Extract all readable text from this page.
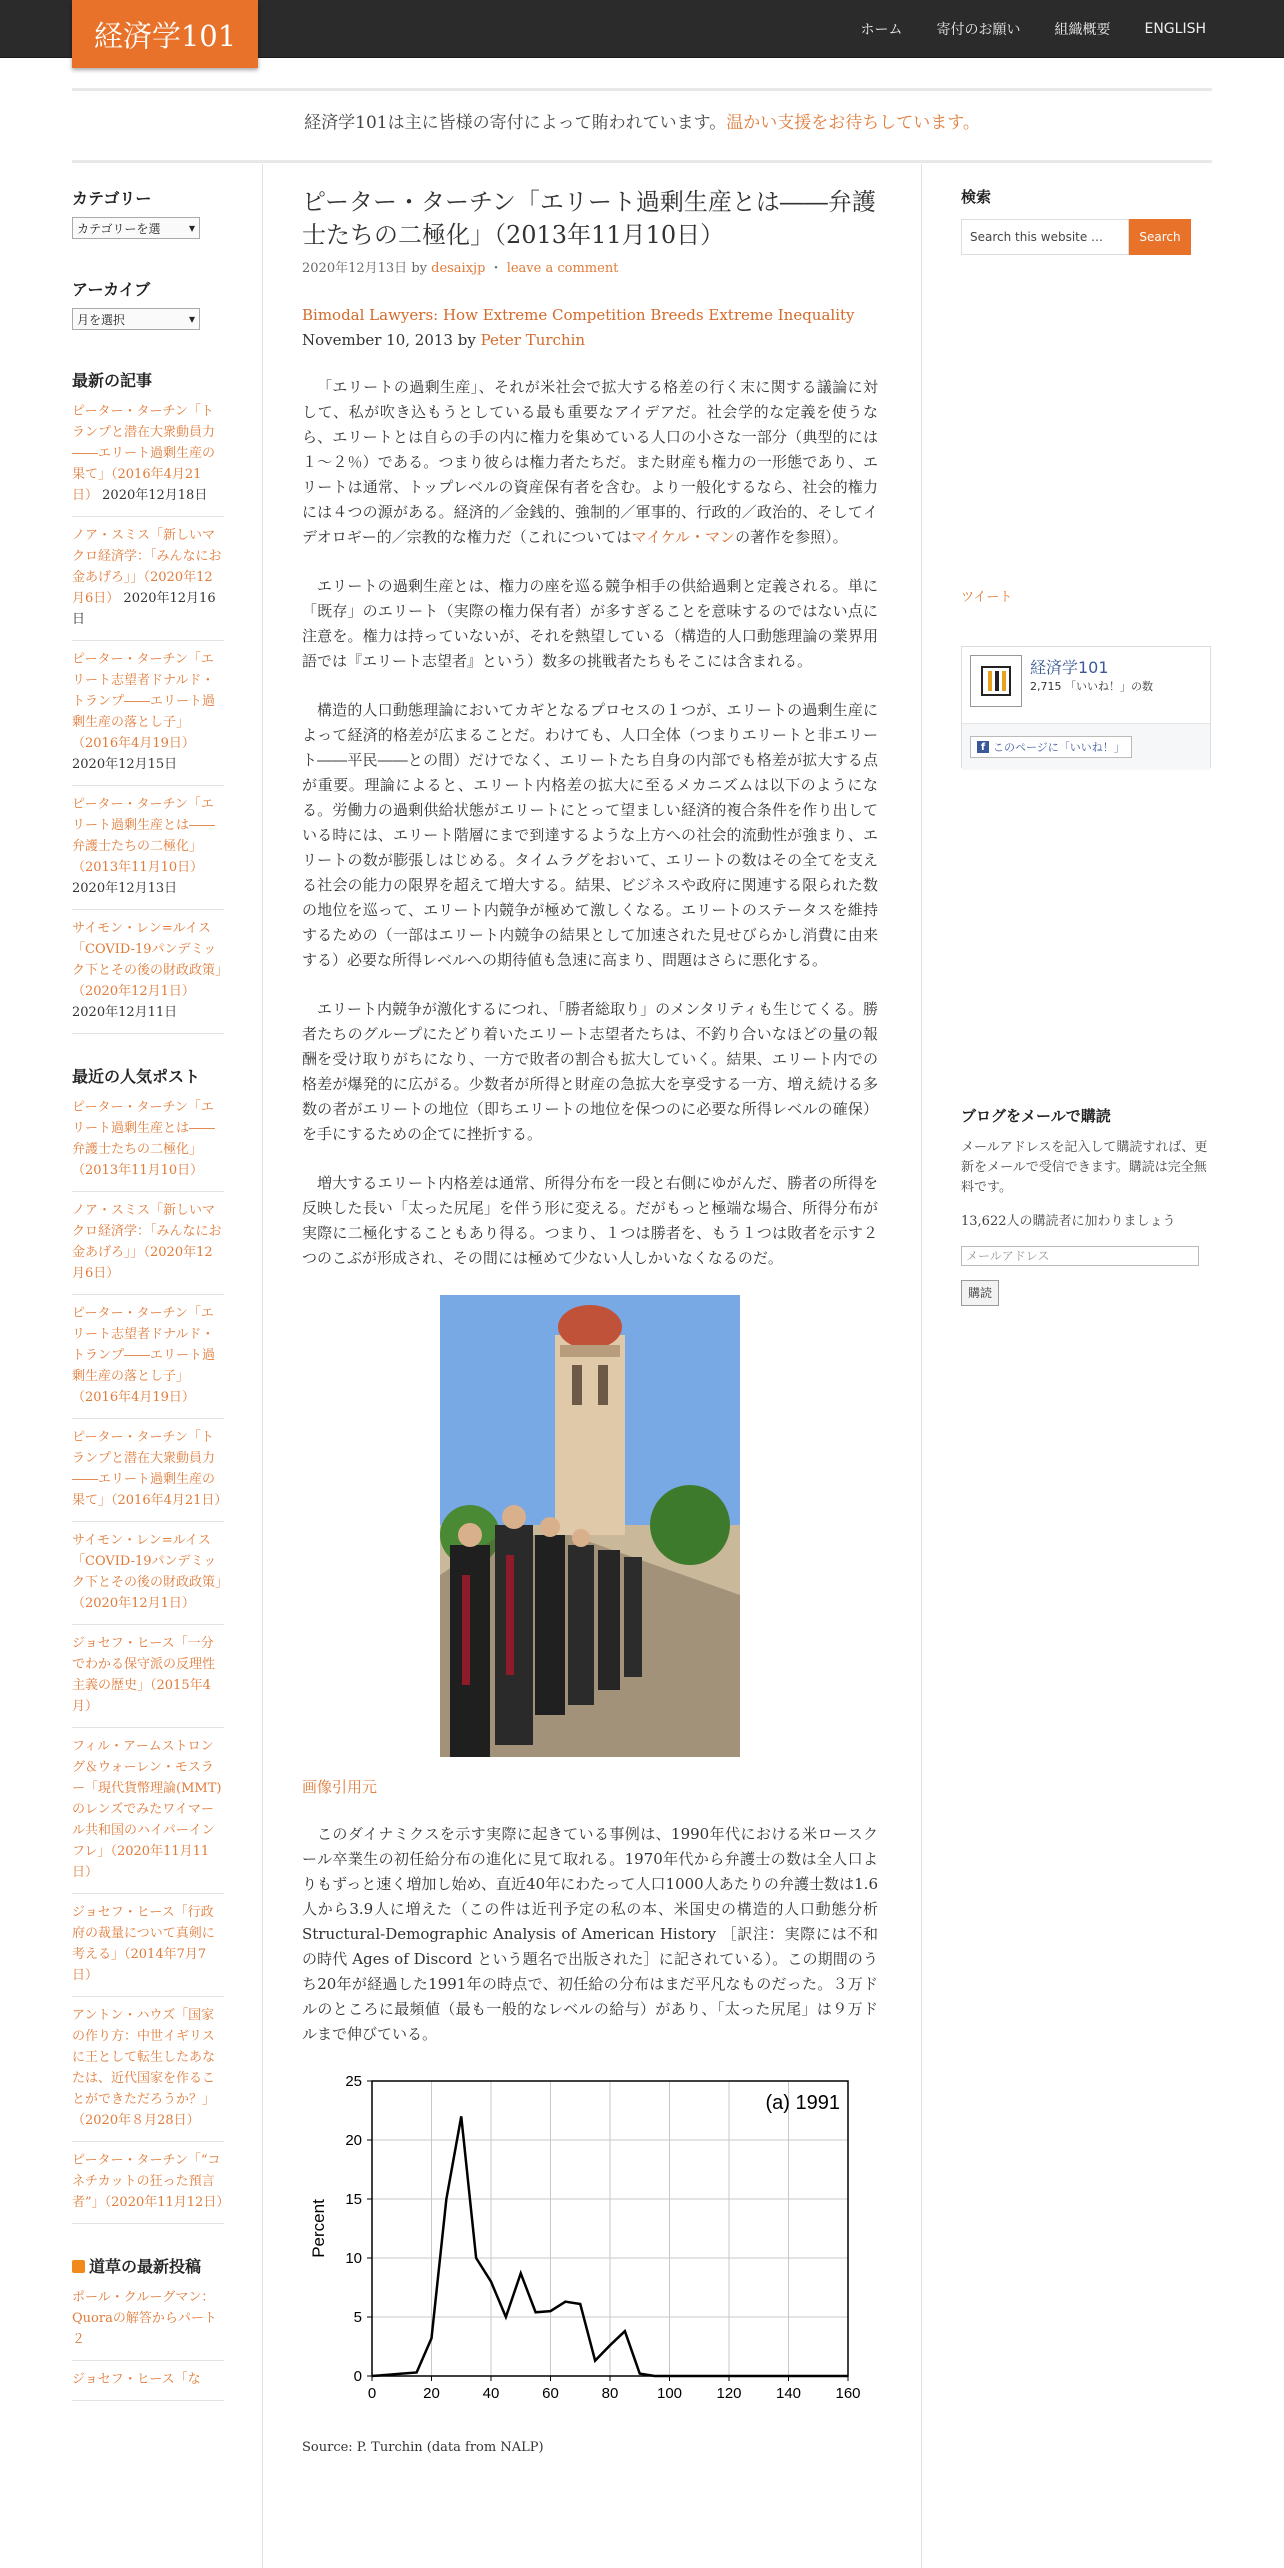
ホーム 寄付のお願い 組織概要 ENGLISH
経済学101
経済学101は主に皆様の寄付によって賄われています。温かい支援をお待ちしています。
カテゴリー
カテゴリーを選 ▾
アーカイブ
月を選択	▾
最新の記事
ピーター・ターチン「トランプと潜在大衆動員力――エリート過剰生産の果て」（2016年4月21日） 2020年12月18日
ノア・スミス「新しいマクロ経済学：「みんなにお金あげろ」」（2020年12月6日） 2020年12月16日
ピーター・ターチン「エリート志望者ドナルド・トランプ――エリート過剰生産の落とし子」（2016年4月19日） 2020年12月15日
ピーター・ターチン「エリート過剰生産とは――弁護士たちの二極化」（2013年11月10日） 2020年12月13日
サイモン・レン=ルイス「COVID-19パンデミック下とその後の財政政策」（2020年12月1日） 2020年12月11日
最近の人気ポスト
ピーター・ターチン「エリート過剰生産とは――弁護士たちの二極化」（2013年11月10日）
ノア・スミス「新しいマクロ経済学：「みんなにお金あげろ」」（2020年12月6日）
ピーター・ターチン「エリート志望者ドナルド・トランプ――エリート過剰生産の落とし子」（2016年4月19日）
ピーター・ターチン「トランプと潜在大衆動員力――エリート過剰生産の果て」（2016年4月21日）
サイモン・レン=ルイス「COVID-19パンデミック下とその後の財政政策」（2020年12月1日）
ジョセフ・ヒース「一分でわかる保守派の反理性主義の歴史」（2015年4月）
フィル・アームストロング＆ウォーレン・モスラー「現代貨幣理論(MMT)のレンズでみたワイマール共和国のハイパーインフレ」（2020年11月11日）
ジョセフ・ヒース「行政府の裁量について真剣に考える」（2014年7月7日）
アントン・ハウズ「国家の作り方：中世イギリスに王として転生したあなたは、近代国家を作ることができただろうか？」（2020年８月28日）
ピーター・ターチン「“コネチカットの狂った預言者”」（2020年11月12日）
道草の最新投稿
ポール・クルーグマン：Quoraの解答からパート２
ジョセフ・ヒース「な
ピーター・ターチン「エリート過剰生産とは――弁護士たちの二極化」（2013年11月10日）
2020年12月13日 by desaixjp ・ leave a comment
Bimodal Lawyers: How Extreme Competition Breeds Extreme Inequality
November 10, 2013 by Peter Turchin

「エリートの過剰生産」、それが米社会で拡大する格差の行く末に関する議論に対して、私が吹き込もうとしている最も重要なアイデアだ。社会学的な定義を使うなら、エリートとは自らの手の内に権力を集めている人口の小さな一部分（典型的には１～２％）である。つまり彼らは権力者たちだ。また財産も権力の一形態であり、エリートは通常、トップレベルの資産保有者を含む。より一般化するなら、社会的権力には４つの源がある。経済的／金銭的、強制的／軍事的、行政的／政治的、そしてイデオロギー的／宗教的な権力だ（これについてはマイケル・マンの著作を参照）。

エリートの過剰生産とは、権力の座を巡る競争相手の供給過剰と定義される。単に「既存」のエリート（実際の権力保有者）が多すぎることを意味するのではない点に注意を。権力は持っていないが、それを熱望している（構造的人口動態理論の業界用語では『エリート志望者』という）数多の挑戦者たちもそこには含まれる。

構造的人口動態理論においてカギとなるプロセスの１つが、エリートの過剰生産によって経済的格差が広まることだ。わけても、人口全体（つまりエリートと非エリート――平民――との間）だけでなく、エリートたち自身の内部でも格差が拡大する点が重要。理論によると、エリート内格差の拡大に至るメカニズムは以下のようになる。労働力の過剰供給状態がエリートにとって望ましい経済的複合条件を作り出している時には、エリート階層にまで到達するような上方への社会的流動性が強まり、エリートの数が膨張しはじめる。タイムラグをおいて、エリートの数はその全てを支える社会の能力の限界を超えて増大する。結果、ビジネスや政府に関連する限られた数の地位を巡って、エリート内競争が極めて激しくなる。エリートのステータスを維持するための（一部はエリート内競争の結果として加速された見せびらかし消費に由来する）必要な所得レベルへの期待値も急速に高まり、問題はさらに悪化する。

エリート内競争が激化するにつれ、「勝者総取り」のメンタリティも生じてくる。勝者たちのグループにたどり着いたエリート志望者たちは、不釣り合いなほどの量の報酬を受け取りがちになり、一方で敗者の割合も拡大していく。結果、エリート内での格差が爆発的に広がる。少数者が所得と財産の急拡大を享受する一方、増え続ける多数の者がエリートの地位（即ちエリートの地位を保つのに必要な所得レベルの確保）を手にするための企てに挫折する。

増大するエリート内格差は通常、所得分布を一段と右側にゆがんだ、勝者の所得を反映した長い「太った尻尾」を伴う形に変える。だがもっと極端な場合、所得分布が実際に二極化することもあり得る。つまり、１つは勝者を、もう１つは敗者を示す２つのこぶが形成され、その間には極めて少ない人しかいなくなるのだ。

画像引用元

このダイナミクスを示す実際に起きている事例は、1990年代における米ロースクール卒業生の初任給分布の進化に見て取れる。1970年代から弁護士の数は全人口よりもずっと速く増加し始め、直近40年にわたって人口1000人あたりの弁護士数は1.6人から3.9人に増えた（この件は近刊予定の私の本、米国史の構造的人口動態分析 Structural-Demographic Analysis of American History ［訳注：実際には不和の時代 Ages of Discord という題名で出版された］に記されている）。この期間のうち20年が経過した1991年の時点で、初任給の分布はまだ平凡なものだった。３万ドルのところに最頻値（最も一般的なレベルの給与）があり、「太った尻尾」は９万ドルまで伸びている。

0	20	40	60	80	100 120 140 160
0
5
10
15
20
25
Percent
(a) 1991
Source: P. Turchin (data from NALP)
検索
Search this website …	Search
ツイート
経済学101
2,715 「いいね！」の数
f このページに「いいね！」
ブログをメールで購読
メールアドレスを記入して購読すれば、更新をメールで受信できます。購読は完全無料です。
13,622人の購読者に加わりましょう
メールアドレス
購読
